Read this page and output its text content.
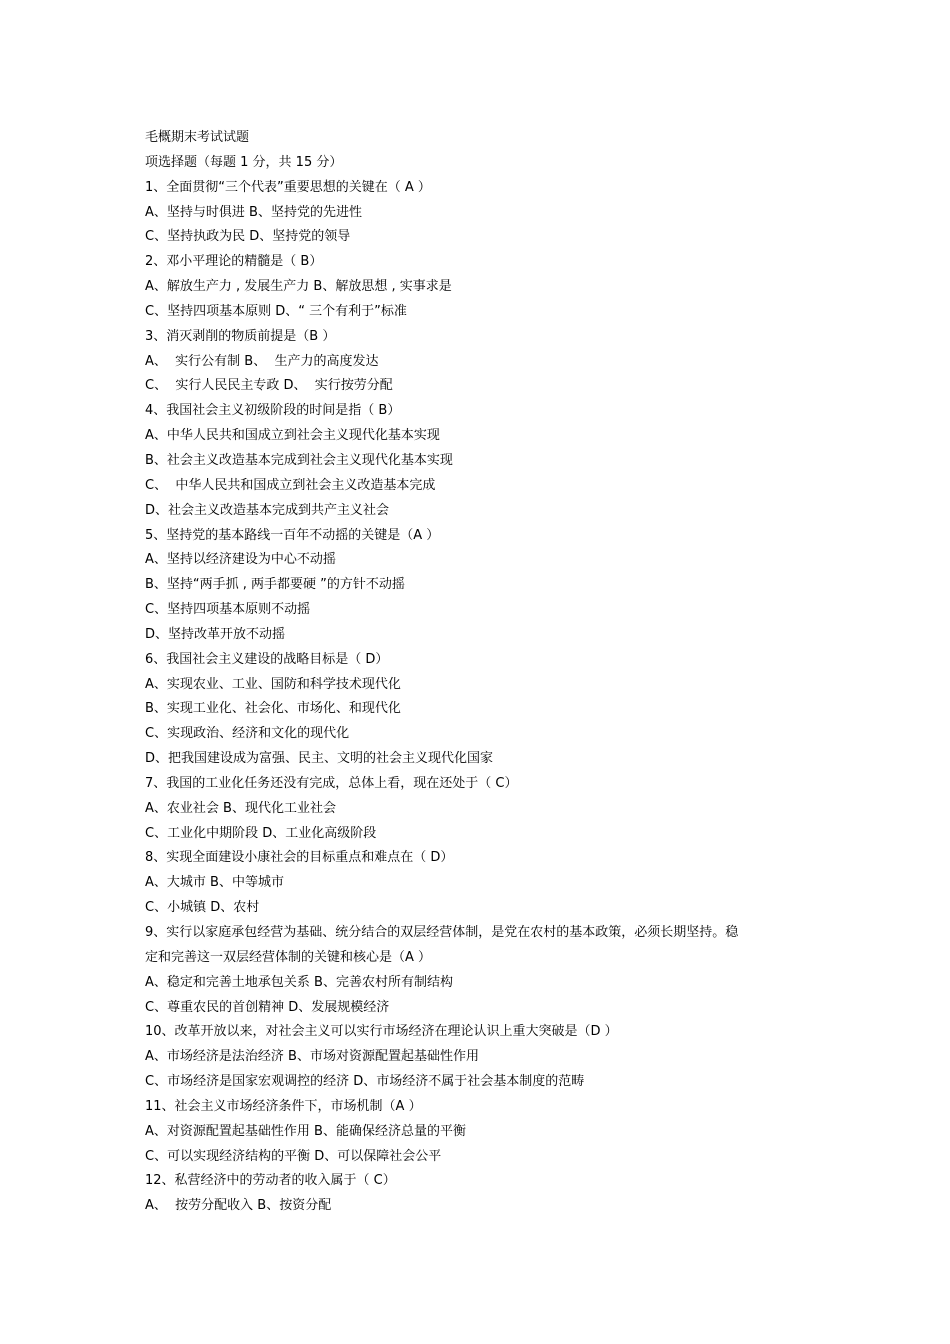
毛概期末考试试题
项选择题（每题 1 分，共 15 分）
1、全面贯彻“三个代表”重要思想的关键在（ A ）
A、坚持与时俱进 B、坚持党的先进性
C、坚持执政为民 D、坚持党的领导
2、邓小平理论的精髓是（ B）
A、解放生产力 , 发展生产力 B、解放思想 , 实事求是
C、坚持四项基本原则 D、“ 三个有利于”标准
3、消灭剥削的物质前提是（B ）
A、  实行公有制 B、  生产力的高度发达
C、  实行人民民主专政 D、  实行按劳分配
4、我国社会主义初级阶段的时间是指（ B）
A、中华人民共和国成立到社会主义现代化基本实现
B、社会主义改造基本完成到社会主义现代化基本实现
C、  中华人民共和国成立到社会主义改造基本完成
D、社会主义改造基本完成到共产主义社会
5、坚持党的基本路线一百年不动摇的关键是（A ）
A、坚持以经济建设为中心不动摇
B、坚持“两手抓 , 两手都要硬 ”的方针不动摇
C、坚持四项基本原则不动摇
D、坚持改革开放不动摇
6、我国社会主义建设的战略目标是（ D）
A、实现农业、工业、国防和科学技术现代化
B、实现工业化、社会化、市场化、和现代化
C、实现政治、经济和文化的现代化
D、把我国建设成为富强、民主、文明的社会主义现代化国家
7、我国的工业化任务还没有完成，总体上看，现在还处于（ C）
A、农业社会 B、现代化工业社会
C、工业化中期阶段 D、工业化高级阶段
8、实现全面建设小康社会的目标重点和难点在（ D）
A、大城市 B、中等城市
C、小城镇 D、农村
9、实行以家庭承包经营为基础、统分结合的双层经营体制，是党在农村的基本政策，必须长期坚持。稳
定和完善这一双层经营体制的关键和核心是（A ）
A、稳定和完善土地承包关系 B、完善农村所有制结构
C、尊重农民的首创精神 D、发展规模经济
10、改革开放以来，对社会主义可以实行市场经济在理论认识上重大突破是（D ）
A、市场经济是法治经济 B、市场对资源配置起基础性作用
C、市场经济是国家宏观调控的经济 D、市场经济不属于社会基本制度的范畴
11、社会主义市场经济条件下，市场机制（A ）
A、对资源配置起基础性作用 B、能确保经济总量的平衡
C、可以实现经济结构的平衡 D、可以保障社会公平
12、私营经济中的劳动者的收入属于（ C）
A、  按劳分配收入 B、按资分配
